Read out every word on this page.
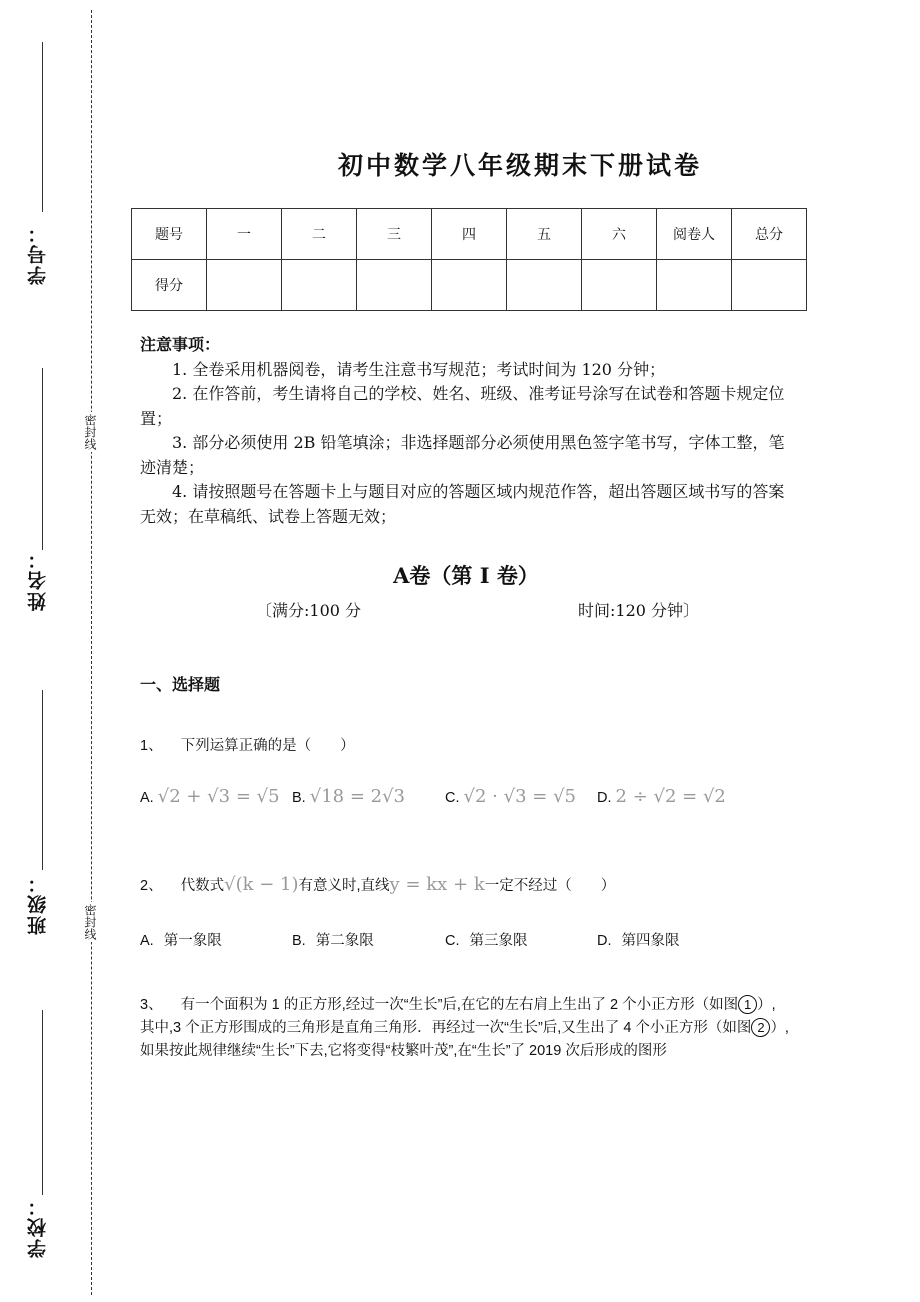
学号：
姓名：
班级：
学校：
密封线
密封线
初中数学八年级期末下册试卷
题号	一	二	三	四	五	六	阅卷人	总分
得分								
注意事项：

1. 全卷采用机器阅卷，请考生注意书写规范；考试时间为 120 分钟；

2. 在作答前，考生请将自己的学校、姓名、班级、准考证号涂写在试卷和答题卡规定位置；

3. 部分必须使用 2B 铅笔填涂；非选择题部分必须使用黑色签字笔书写，字体工整，笔迹清楚；

4. 请按照题号在答题卡上与题目对应的答题区域内规范作答，超出答题区域书写的答案无效；在草稿纸、试卷上答题无效；

A卷（第 I 卷）
〔满分:100 分	时间:120 分钟〕
一、选择题
1、 下列运算正确的是（　　）
A. √2 + √3 = √5 B. √18 = 2√3	C. √2 · √3 = √5 D. 2 ÷ √2 = √2
2、 代数式√(k − 1)有意义时,直线y = kx + k一定不经过（　　）
A. 第一象限	B. 第二象限	C. 第三象限	D. 第四象限
3、 有一个面积为 1 的正方形,经过一次“生长”后,在它的左右肩上生出了 2 个小正方形（如图 1 ）,其中,3 个正方形围成的三角形是直角三角形．再经过一次“生长”后,又生出了 4 个小正方形（如图 2 ）,如果按此规律继续“生长”下去,它将变得“枝繁叶茂”,在“生长”了 2019 次后形成的图形
